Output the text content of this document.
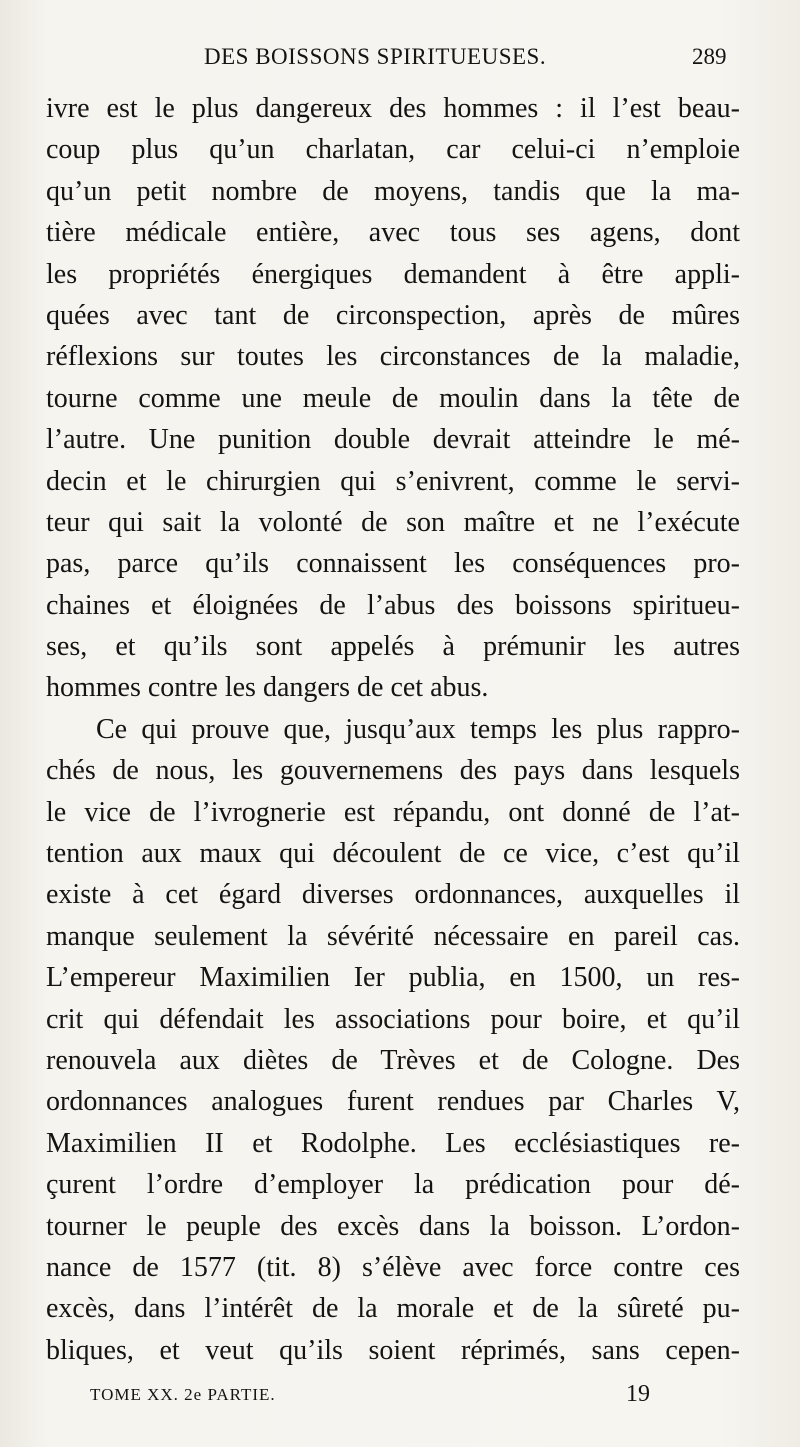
DES BOISSONS SPIRITUEUSES.	289
ivre est le plus dangereux des hommes : il l’est beau-
coup plus qu’un charlatan, car celui-ci n’emploie
qu’un petit nombre de moyens, tandis que la ma-
tière médicale entière, avec tous ses agens, dont
les propriétés énergiques demandent à être appli-
quées avec tant de circonspection, après de mûres
réflexions sur toutes les circonstances de la maladie,
tourne comme une meule de moulin dans la tête de
l’autre. Une punition double devrait atteindre le mé-
decin et le chirurgien qui s’enivrent, comme le servi-
teur qui sait la volonté de son maître et ne l’exécute
pas, parce qu’ils connaissent les conséquences pro-
chaines et éloignées de l’abus des boissons spiritueu-
ses, et qu’ils sont appelés à prémunir les autres
hommes contre les dangers de cet abus.
Ce qui prouve que, jusqu’aux temps les plus rappro-
chés de nous, les gouvernemens des pays dans lesquels
le vice de l’ivrognerie est répandu, ont donné de l’at-
tention aux maux qui découlent de ce vice, c’est qu’il
existe à cet égard diverses ordonnances, auxquelles il
manque seulement la sévérité nécessaire en pareil cas.
L’empereur Maximilien Ier publia, en 1500, un res-
crit qui défendait les associations pour boire, et qu’il
renouvela aux diètes de Trèves et de Cologne. Des
ordonnances analogues furent rendues par Charles V,
Maximilien II et Rodolphe. Les ecclésiastiques re-
çurent l’ordre d’employer la prédication pour dé-
tourner le peuple des excès dans la boisson. L’ordon-
nance de 1577 (tit. 8) s’élève avec force contre ces
excès, dans l’intérêt de la morale et de la sûreté pu-
bliques, et veut qu’ils soient réprimés, sans cepen-
TOME XX. 2e PARTIE.	19
